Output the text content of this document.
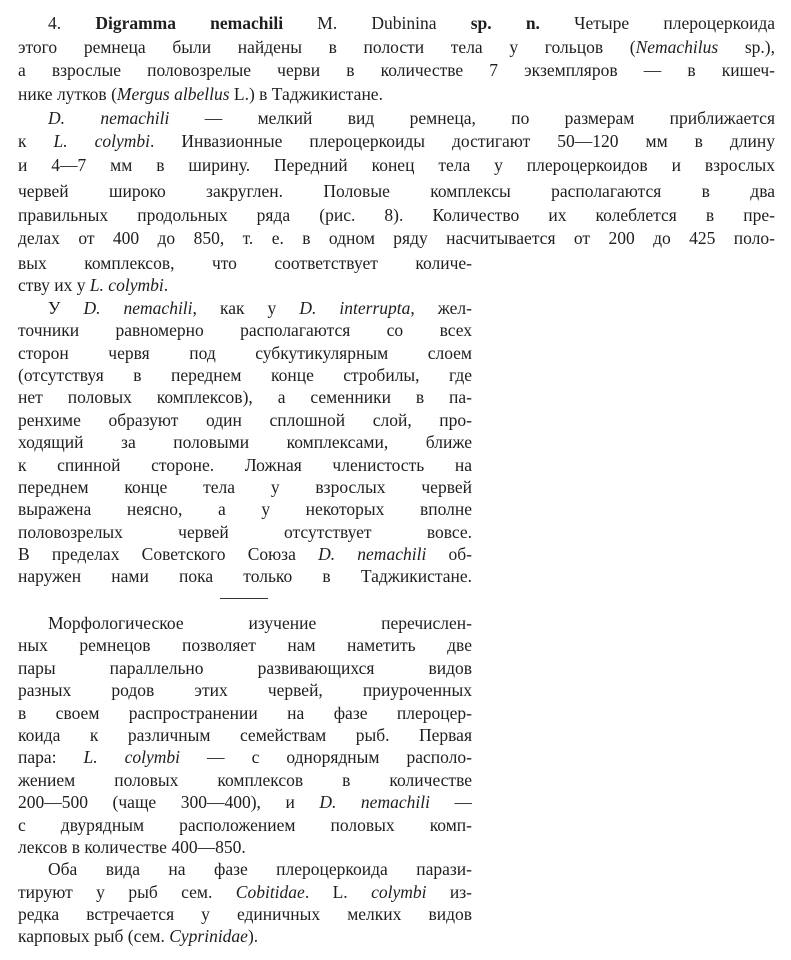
4. Digramma nemachili M. Dubinina sp. n. Четыре плероцеркоида
этого ремнеца были найдены в полости тела у гольцов (Nemachilus sp.),
а взрослые половозрелые черви в количестве 7 экземпляров — в кишеч-
нике лутков (Mergus albellus L.) в Таджикистане.
D. nemachili — мелкий вид ремнеца, по размерам приближается
к L. colymbi. Инвазионные плероцеркоиды достигают 50—120 мм в длину
и 4—7 мм в ширину. Передний конец тела у плероцеркоидов и взрослых
червей широко закруглен. Половые комплексы располагаются в два
правильных продольных ряда (рис. 8). Количество их колеблется в пре-
делах от 400 до 850, т. е. в одном ряду насчитывается от 200 до 425 поло-
вых комплексов, что соответствует количе-
ству их у L. colymbi.
У D. nemachili, как у D. interrupta, жел-
точники равномерно располагаются со всех
сторон червя под субкутикулярным слоем
(отсутствуя в переднем конце стробилы, где
нет половых комплексов), а семенники в па-
ренхиме образуют один сплошной слой, про-
ходящий за половыми комплексами, ближе
к спинной стороне. Ложная членистость на
переднем конце тела у взрослых червей
выражена неясно, а у некоторых вполне
половозрелых червей отсутствует вовсе.
В пределах Советского Союза D. nemachili об-
наружен нами пока только в Таджикистане.
Морфологическое изучение перечислен-
ных ремнецов позволяет нам наметить две
пары параллельно развивающихся видов
разных родов этих червей, приуроченных
в своем распространении на фазе плероцер-
коида к различным семействам рыб. Первая
пара: L. colymbi — с однорядным располо-
жением половых комплексов в количестве
200—500 (чаще 300—400), и D. nemachili —
с двурядным расположением половых комп-
лексов в количестве 400—850.
Оба вида на фазе плероцеркоида парази-
тируют у рыб сем. Cobitidae. L. colymbi из-
редка встречается у единичных мелких видов
карповых рыб (сем. Cyprinidae).
